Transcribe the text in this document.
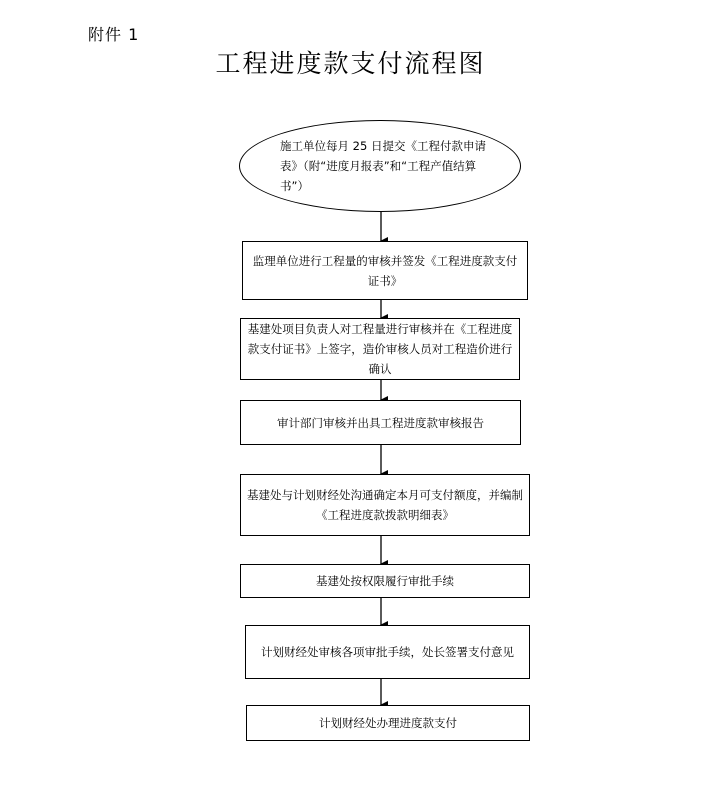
附件 1
工程进度款支付流程图
施工单位每月 25 日提交《工程付款申请表》（附“进度月报表”和“工程产值结算书”）
监理单位进行工程量的审核并签发《工程进度款支付证书》
基建处项目负责人对工程量进行审核并在《工程进度款支付证书》上签字，造价审核人员对工程造价进行确认
审计部门审核并出具工程进度款审核报告
基建处与计划财经处沟通确定本月可支付额度，并编制《工程进度款拨款明细表》
基建处按权限履行审批手续
计划财经处审核各项审批手续，处长签署支付意见
计划财经处办理进度款支付
